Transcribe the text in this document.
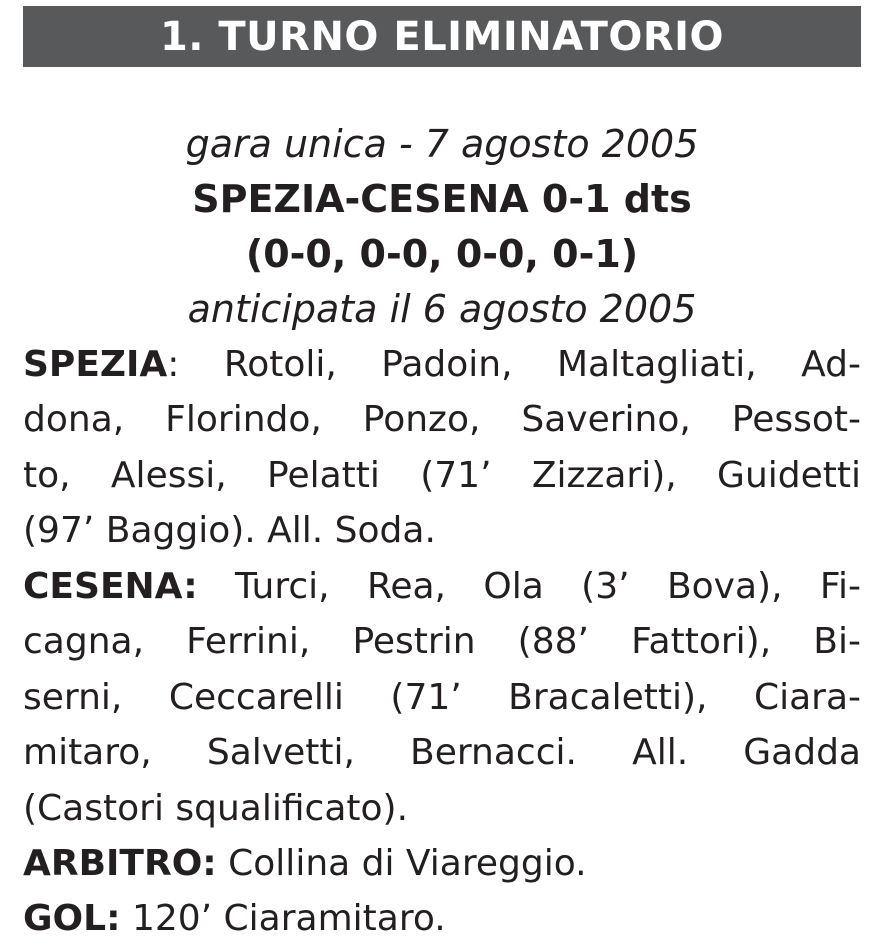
1. TURNO ELIMINATORIO
gara unica - 7 agosto 2005
SPEZIA-CESENA 0-1 dts
(0-0, 0-0, 0-0, 0-1)
anticipata il 6 agosto 2005
SPEZIA: Rotoli, Padoin, Maltagliati, Ad-
dona, Florindo, Ponzo, Saverino, Pessot-
to, Alessi, Pelatti (71’ Zizzari), Guidetti
(97’ Baggio). All. Soda.
CESENA: Turci, Rea, Ola (3’ Bova), Fi-
cagna, Ferrini, Pestrin (88’ Fattori), Bi-
serni, Ceccarelli (71’ Bracaletti), Ciara-
mitaro, Salvetti, Bernacci. All. Gadda
(Castori squalificato).
ARBITRO: Collina di Viareggio.
GOL: 120’ Ciaramitaro.
